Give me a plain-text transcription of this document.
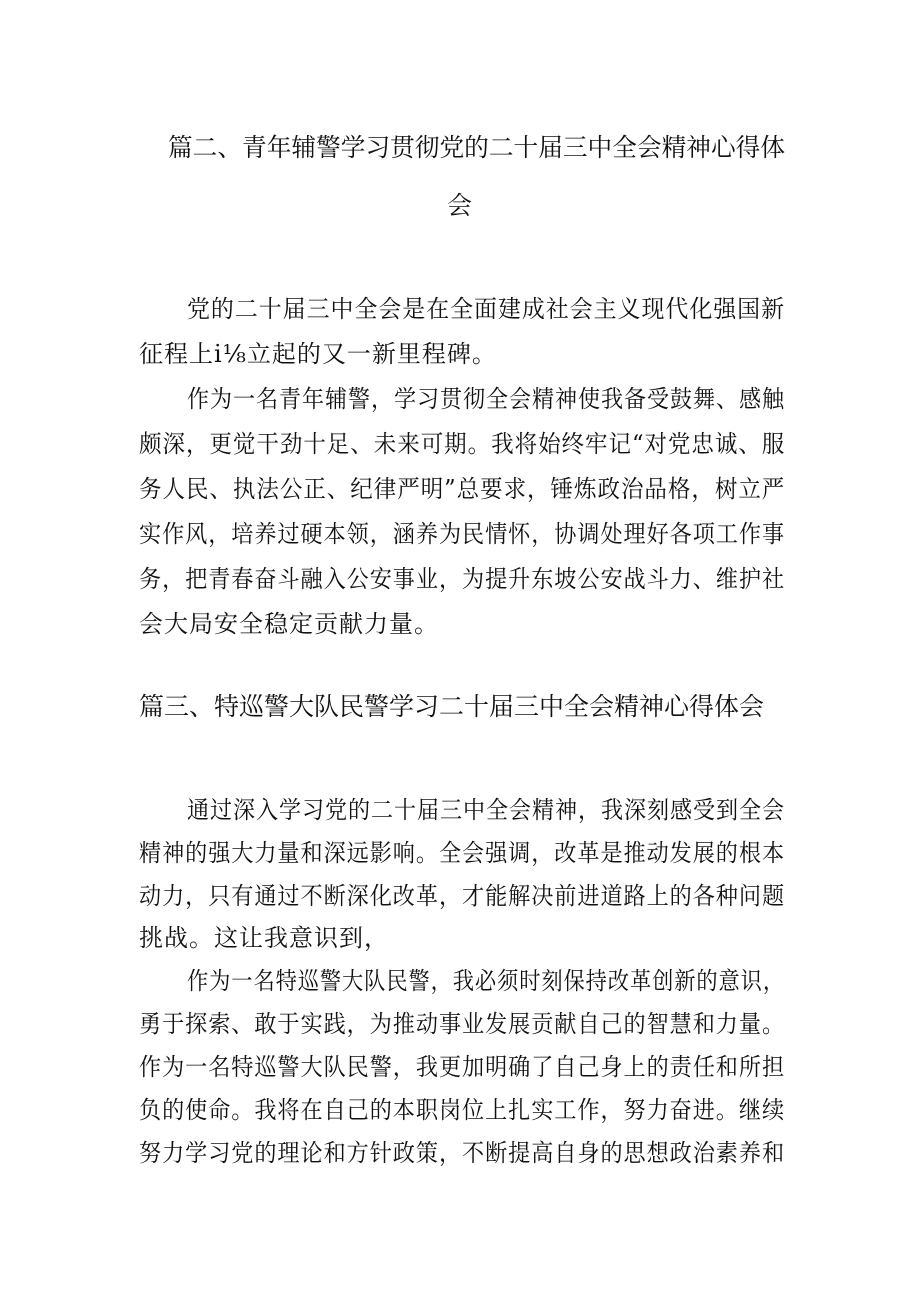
篇二、青年辅警学习贯彻党的二十届三中全会精神心得体
会
党的二十届三中全会是在全面建成社会主义现代化强国新
征程上i⅛立起的又一新里程碑。
作为一名青年辅警，学习贯彻全会精神使我备受鼓舞、感触
颇深，更觉干劲十足、未来可期。我将始终牢记“对党忠诚、服
务人民、执法公正、纪律严明”总要求，锤炼政治品格，树立严
实作风，培养过硬本领，涵养为民情怀，协调处理好各项工作事
务，把青春奋斗融入公安事业，为提升东坡公安战斗力、维护社
会大局安全稳定贡献力量。
篇三、特巡警大队民警学习二十届三中全会精神心得体会
通过深入学习党的二十届三中全会精神，我深刻感受到全会
精神的强大力量和深远影响。全会强调，改革是推动发展的根本
动力，只有通过不断深化改革，才能解决前进道路上的各种问题
挑战。这让我意识到，
作为一名特巡警大队民警，我必须时刻保持改革创新的意识，
勇于探索、敢于实践，为推动事业发展贡献自己的智慧和力量。
作为一名特巡警大队民警，我更加明确了自己身上的责任和所担
负的使命。我将在自己的本职岗位上扎实工作，努力奋进。继续
努力学习党的理论和方针政策，不断提高自身的思想政治素养和
